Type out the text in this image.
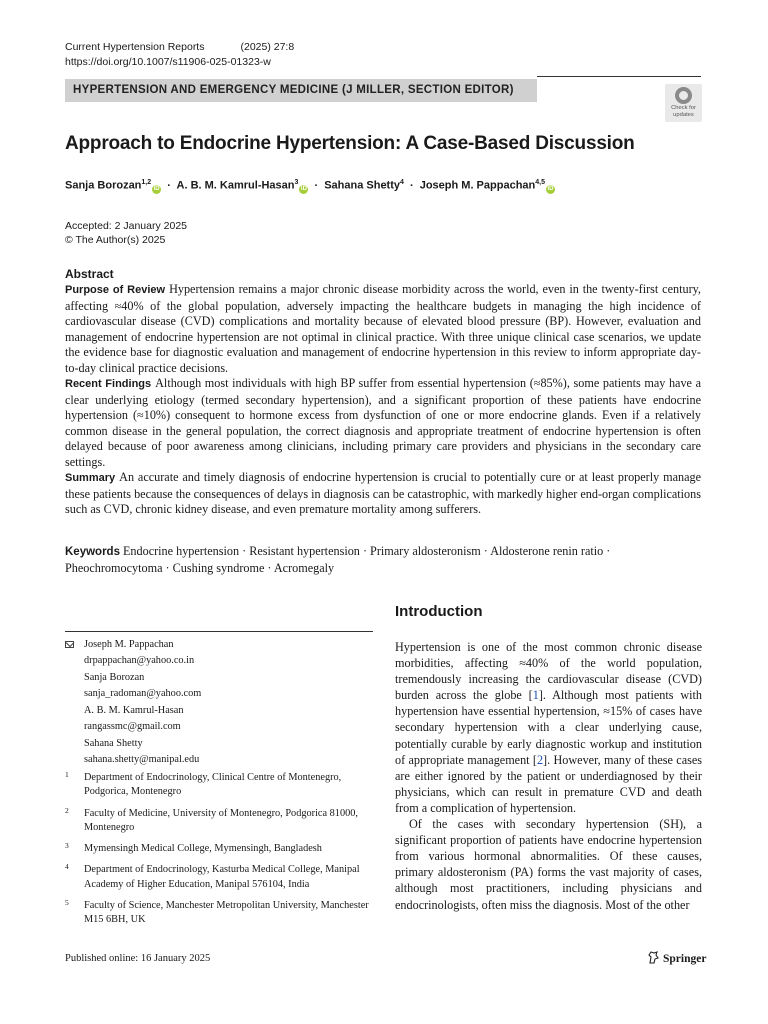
Current Hypertension Reports	(2025) 27:8
https://doi.org/10.1007/s11906-025-01323-w
HYPERTENSION AND EMERGENCY MEDICINE (J MILLER, SECTION EDITOR)
Check for
updates
Approach to Endocrine Hypertension: A Case-Based Discussion
Sanja Borozan$^{1,2}$iD · A. B. M. Kamrul-Hasan$^3$iD · Sahana Shetty$^4$ · Joseph M. Pappachan$^{4,5}$iD
Accepted: 2 January 2025
© The Author(s) 2025
Abstract

Purpose of Review Hypertension remains a major chronic disease morbidity across the world, even in the twenty-first century, affecting ≈40% of the global population, adversely impacting the healthcare budgets in managing the high incidence of cardiovascular disease (CVD) complications and mortality because of elevated blood pressure (BP). However, evaluation and management of endocrine hypertension are not optimal in clinical practice. With three unique clinical case scenarios, we update the evidence base for diagnostic evaluation and management of endocrine hypertension in this review to inform appropriate day-to-day clinical practice decisions.

Recent Findings Although most individuals with high BP suffer from essential hypertension (≈85%), some patients may have a clear underlying etiology (termed secondary hypertension), and a significant proportion of these patients have endocrine hypertension (≈10%) consequent to hormone excess from dysfunction of one or more endocrine glands. Even if a relatively common disease in the general population, the correct diagnosis and appropriate treatment of endocrine hypertension is often delayed because of poor awareness among clinicians, including primary care providers and physicians in the secondary care settings.

Summary An accurate and timely diagnosis of endocrine hypertension is crucial to potentially cure or at least properly manage these patients because the consequences of delays in diagnosis can be catastrophic, with markedly higher end-organ complications such as CVD, chronic kidney disease, and even premature mortality among sufferers.

Keywords Endocrine hypertension · Resistant hypertension · Primary aldosteronism · Aldosterone renin ratio · Pheochromocytoma · Cushing syndrome · Acromegaly
Joseph M. Pappachan
drpappachan@yahoo.co.in
Sanja Borozan
sanja_radoman@yahoo.com
A. B. M. Kamrul-Hasan
rangassmc@gmail.com
Sahana Shetty
sahana.shetty@manipal.edu
1 Department of Endocrinology, Clinical Centre of Montenegro, Podgorica, Montenegro
2 Faculty of Medicine, University of Montenegro, Podgorica 81000, Montenegro
3 Mymensingh Medical College, Mymensingh, Bangladesh
4 Department of Endocrinology, Kasturba Medical College, Manipal Academy of Higher Education, Manipal 576104, India
5 Faculty of Science, Manchester Metropolitan University, Manchester M15 6BH, UK
Introduction

Hypertension is one of the most common chronic disease morbidities, affecting ≈40% of the world population, tremendously increasing the cardiovascular disease (CVD) burden across the globe [1]. Although most patients with hypertension have essential hypertension, ≈15% of cases have secondary hypertension with a clear underlying cause, potentially curable by early diagnostic workup and institution of appropriate management [2]. However, many of these cases are either ignored by the patient or underdiagnosed by their physicians, which can result in premature CVD and death from a complication of hypertension.

Of the cases with secondary hypertension (SH), a significant proportion of patients have endocrine hypertension from various hormonal abnormalities. Of these causes, primary aldosteronism (PA) forms the vast majority of cases, although most practitioners, including physicians and endocrinologists, often miss the diagnosis. Most of the other

Published online: 16 January 2025	Springer
